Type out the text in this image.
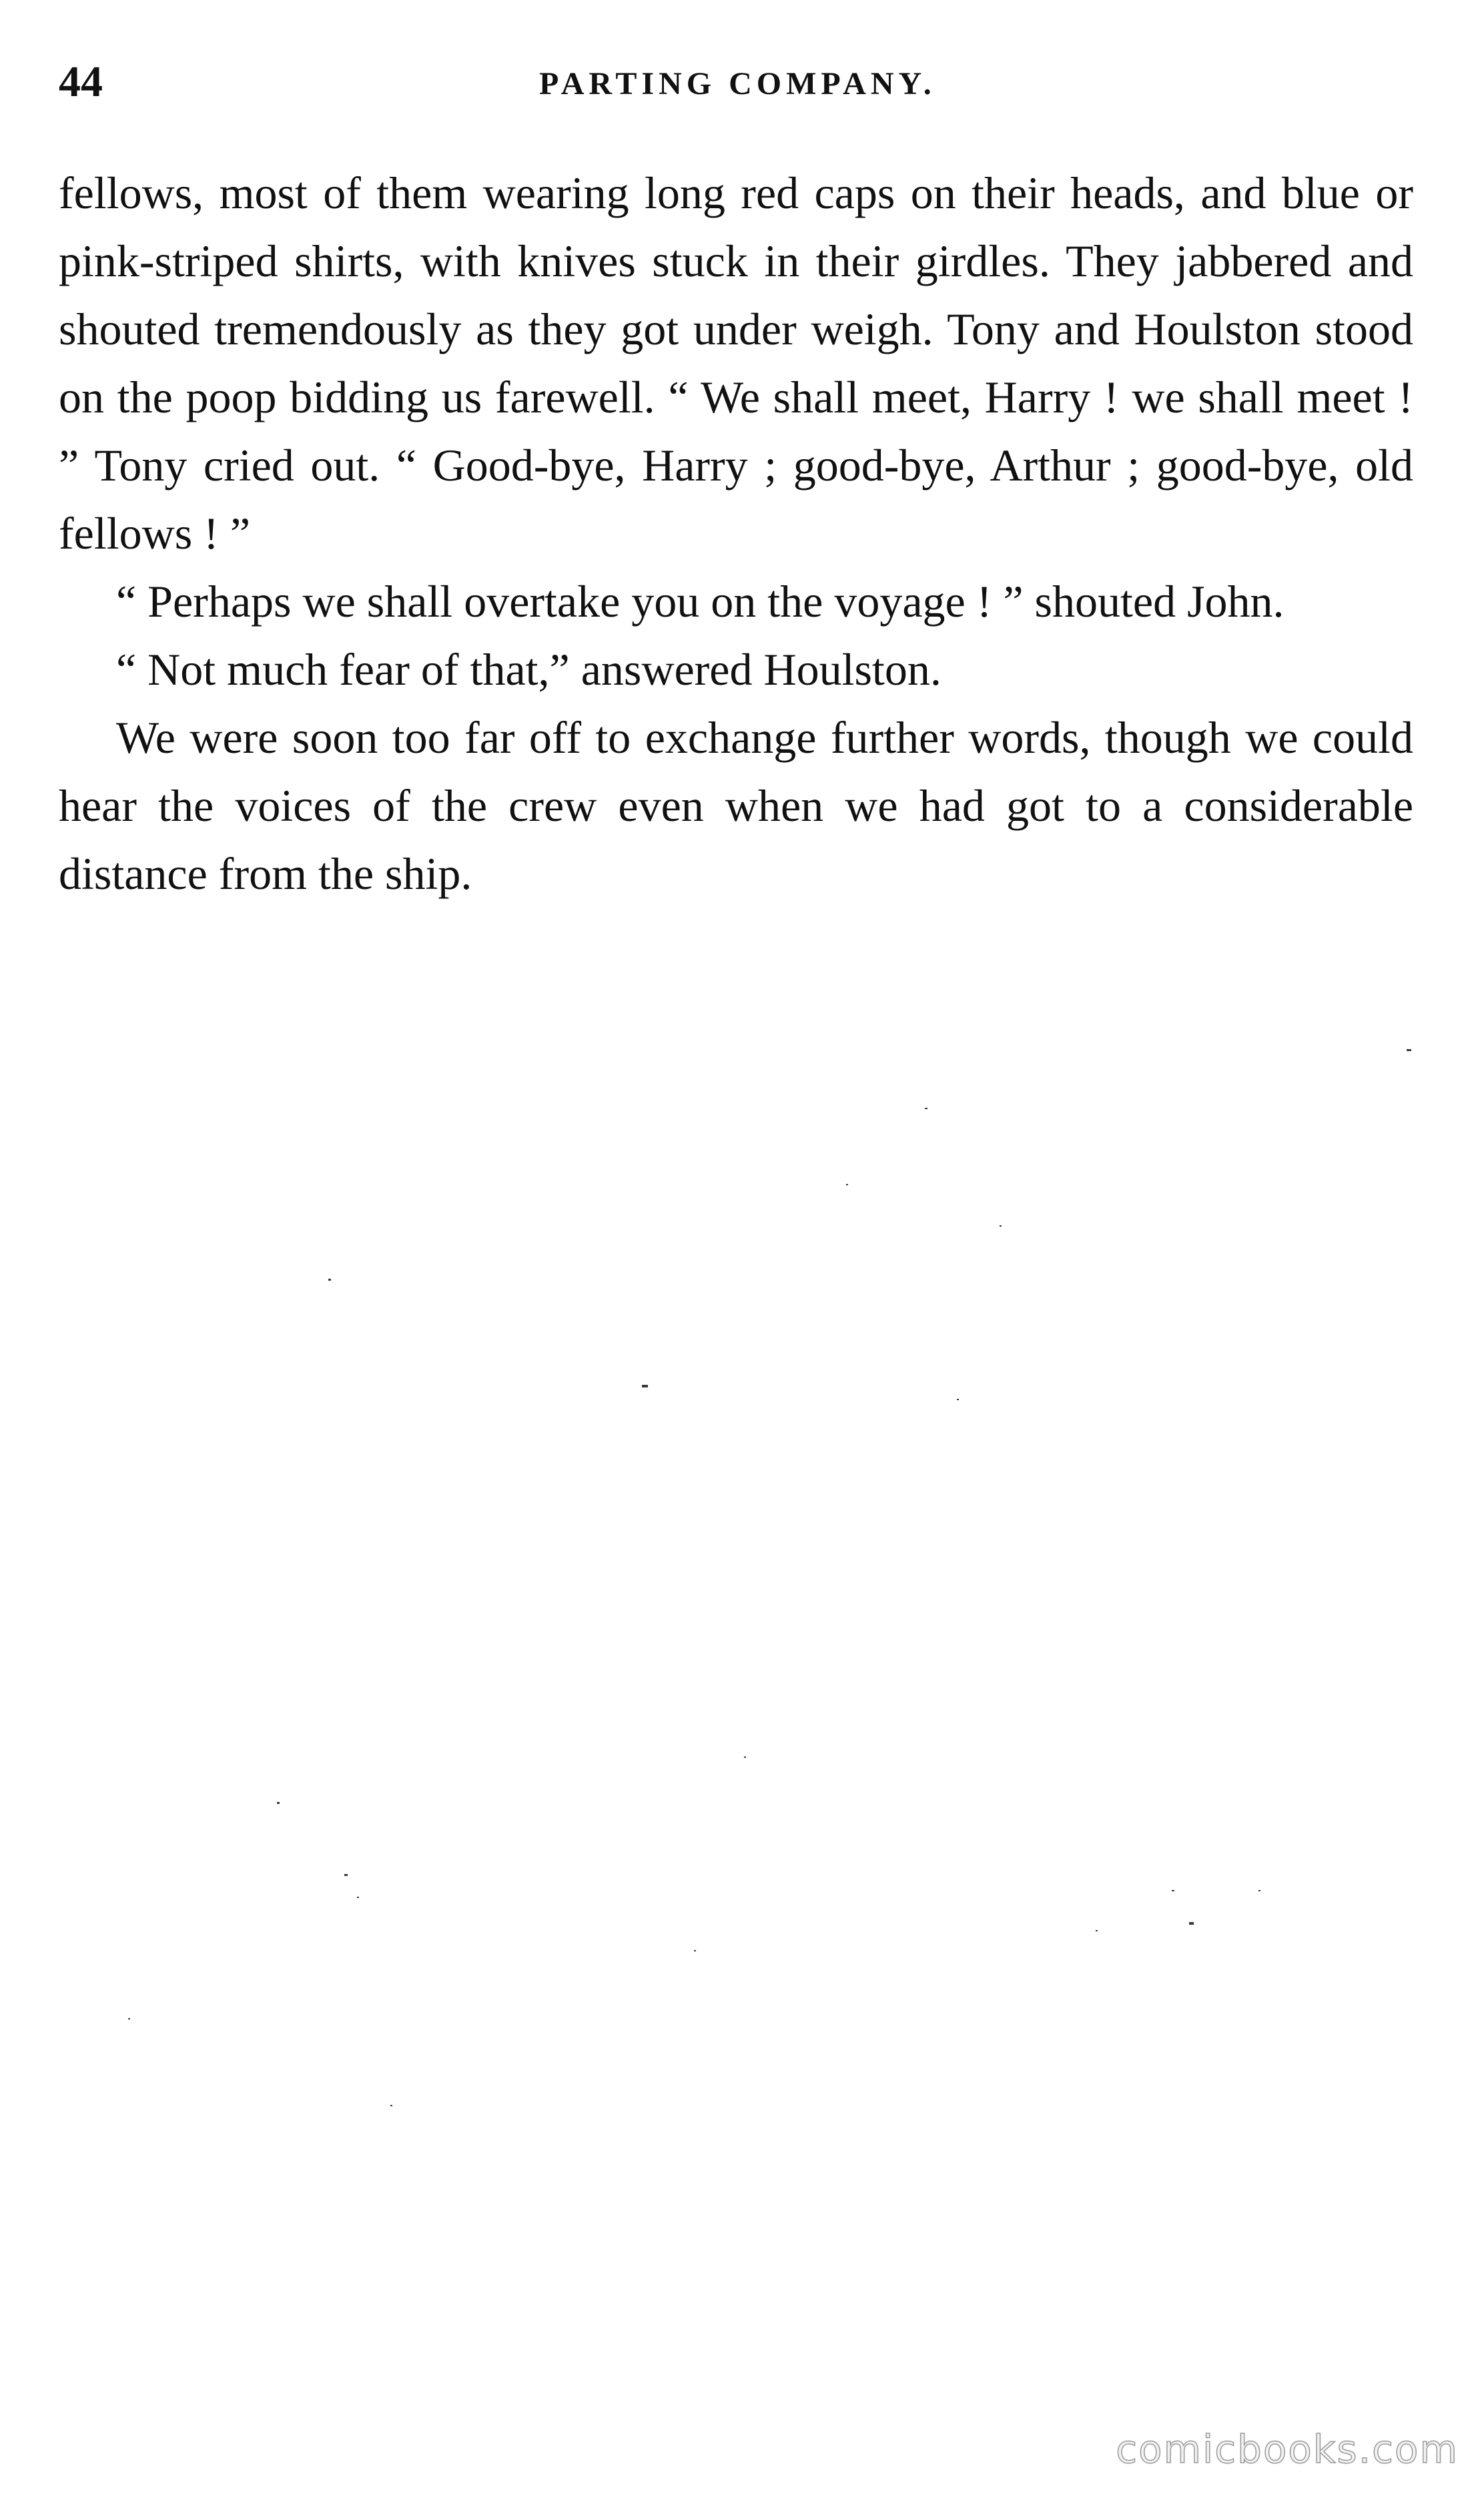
44	PARTING COMPANY.

fellows, most of them wearing long red caps on their heads, and blue or pink-striped shirts, with knives stuck in their girdles. They jabbered and shouted tremendously as they got under weigh. Tony and Houlston stood on the poop bidding us farewell. “ We shall meet, Harry ! we shall meet ! ” Tony cried out. “ Good-bye, Harry ; good-bye, Arthur ; good-bye, old fellows ! ”

“ Perhaps we shall overtake you on the voyage ! ” shouted John.

“ Not much fear of that,” answered Houlston.

We were soon too far off to exchange further words, though we could hear the voices of the crew even when we had got to a considerable distance from the ship.

comicbooks.com
